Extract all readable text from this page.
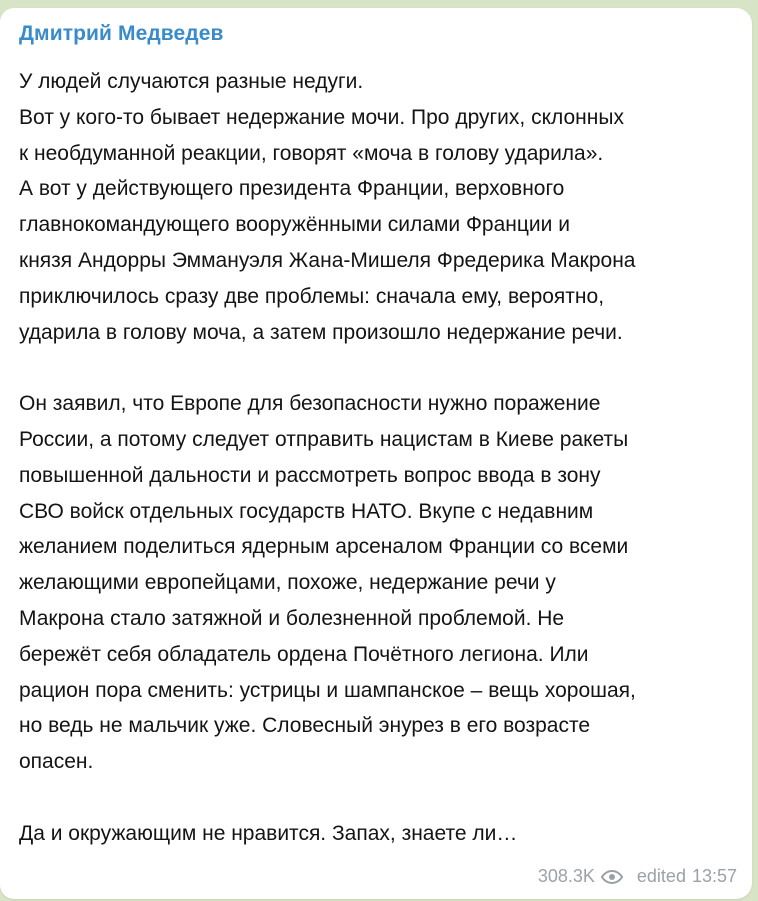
Дмитрий Медведев

У людей случаются разные недуги.
Вот у кого-то бывает недержание мочи. Про других, склонных
к необдуманной реакции, говорят «моча в голову ударила».
А вот у действующего президента Франции, верховного
главнокомандующего вооружёнными силами Франции и
князя Андорры Эммануэля Жана-Мишеля Фредерика Макрона
приключилось сразу две проблемы: сначала ему, вероятно,
ударила в голову моча, а затем произошло недержание речи.

Он заявил, что Европе для безопасности нужно поражение
России, а потому следует отправить нацистам в Киеве ракеты
повышенной дальности и рассмотреть вопрос ввода в зону
СВО войск отдельных государств НАТО. Вкупе с недавним
желанием поделиться ядерным арсеналом Франции со всеми
желающими европейцами, похоже, недержание речи у
Макрона стало затяжной и болезненной проблемой. Не
бережёт себя обладатель ордена Почётного легиона. Или
рацион пора сменить: устрицы и шампанское – вещь хорошая,
но ведь не мальчик уже. Словесный энурез в его возрасте
опасен.

Да и окружающим не нравится. Запах, знаете ли…

308.3K edited 13:57
